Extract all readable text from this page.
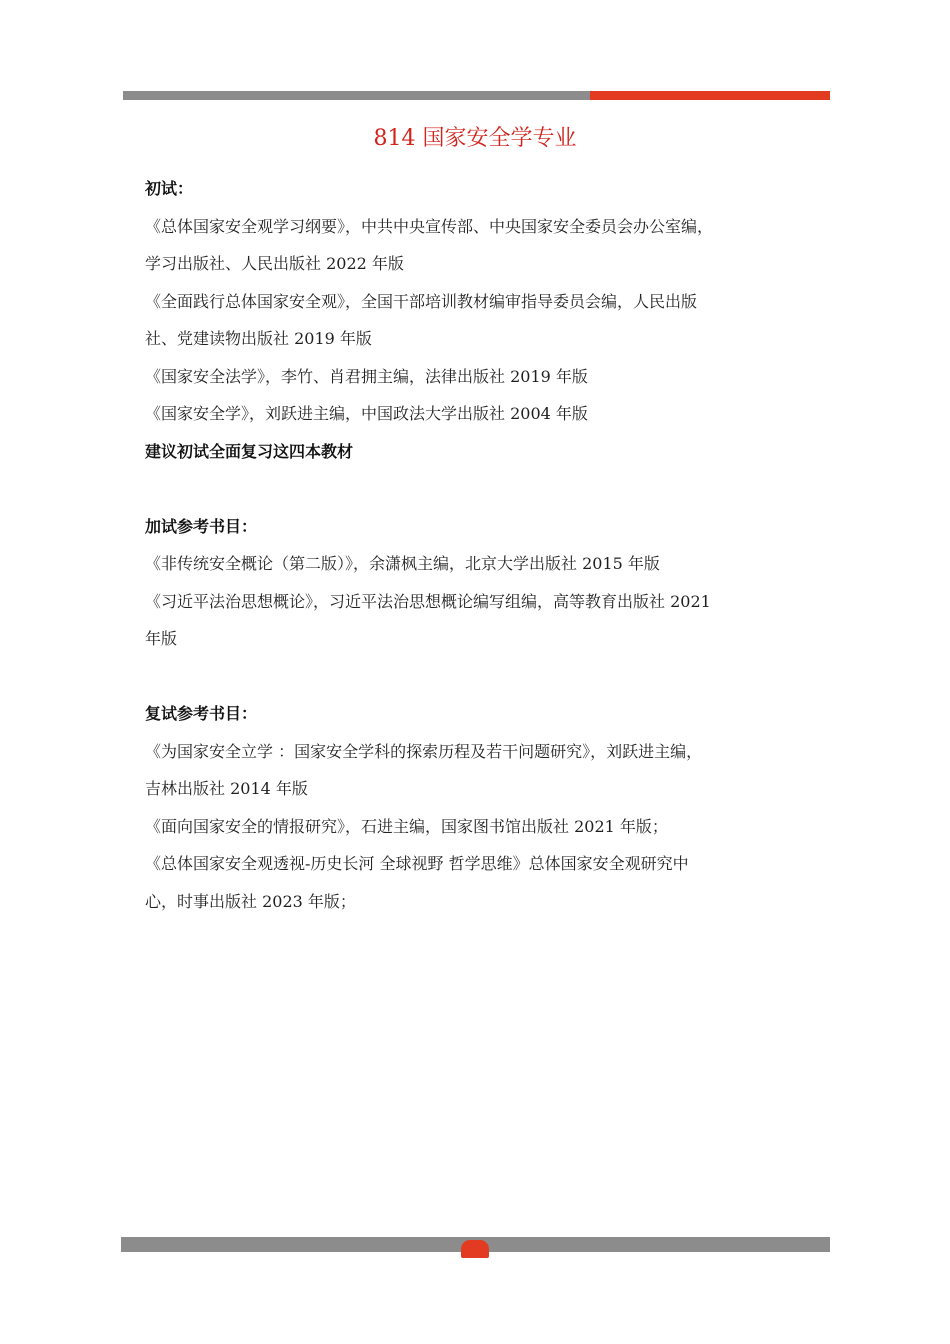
814 国家安全学专业
初试：
《总体国家安全观学习纲要》，中共中央宣传部、中央国家安全委员会办公室编，
学习出版社、人民出版社 2022 年版
《全面践行总体国家安全观》，全国干部培训教材编审指导委员会编，人民出版
社、党建读物出版社 2019 年版
《国家安全法学》，李竹、肖君拥主编，法律出版社 2019 年版
《国家安全学》，刘跃进主编，中国政法大学出版社 2004 年版
建议初试全面复习这四本教材
加试参考书目：
《非传统安全概论（第二版）》，余潇枫主编，北京大学出版社 2015 年版
《习近平法治思想概论》，习近平法治思想概论编写组编，高等教育出版社 2021
年版
复试参考书目：
《为国家安全立学 ：国家安全学科的探索历程及若干问题研究》，刘跃进主编，
吉林出版社 2014 年版
《面向国家安全的情报研究》，石进主编，国家图书馆出版社 2021 年版；
《总体国家安全观透视-历史长河 全球视野 哲学思维》总体国家安全观研究中
心，时事出版社 2023 年版；
